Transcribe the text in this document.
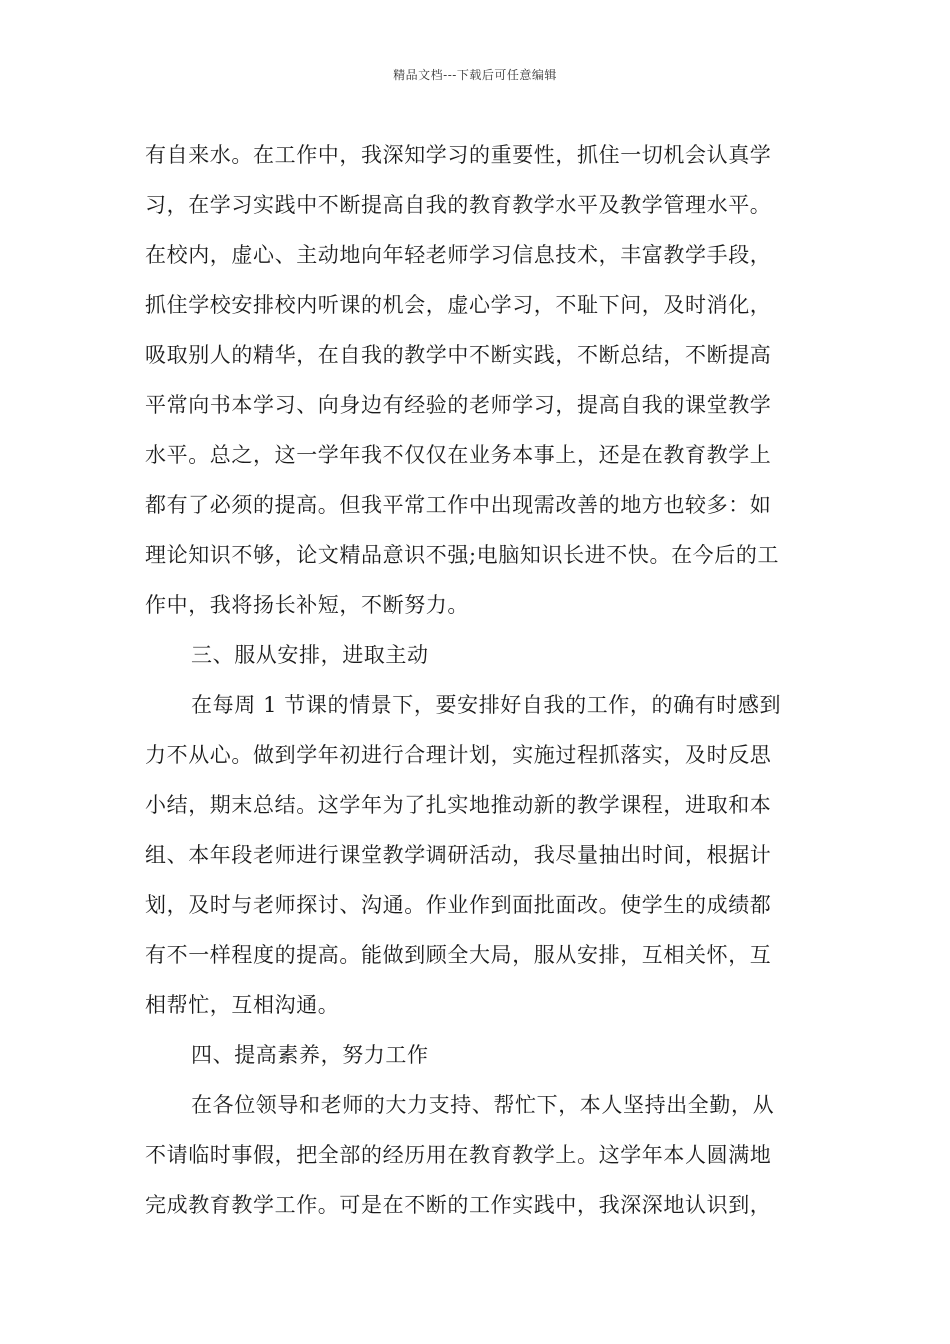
精品文档---下载后可任意编辑
有自来水。在工作中，我深知学习的重要性，抓住一切机会认真学
习，在学习实践中不断提高自我的教育教学水平及教学管理水平。
在校内，虚心、主动地向年轻老师学习信息技术，丰富教学手段，
抓住学校安排校内听课的机会，虚心学习，不耻下问，及时消化，
吸取别人的精华，在自我的教学中不断实践，不断总结，不断提高
平常向书本学习、向身边有经验的老师学习，提高自我的课堂教学
水平。总之，这一学年我不仅仅在业务本事上，还是在教育教学上
都有了必须的提高。但我平常工作中出现需改善的地方也较多：如
理论知识不够，论文精品意识不强;电脑知识长进不快。在今后的工
作中，我将扬长补短，不断努力。
三、服从安排，进取主动
在每周 1 节课的情景下，要安排好自我的工作，的确有时感到
力不从心。做到学年初进行合理计划，实施过程抓落实，及时反思
小结，期末总结。这学年为了扎实地推动新的教学课程，进取和本
组、本年段老师进行课堂教学调研活动，我尽量抽出时间，根据计
划，及时与老师探讨、沟通。作业作到面批面改。使学生的成绩都
有不一样程度的提高。能做到顾全大局，服从安排，互相关怀，互
相帮忙，互相沟通。
四、提高素养，努力工作
在各位领导和老师的大力支持、帮忙下，本人坚持出全勤，从
不请临时事假，把全部的经历用在教育教学上。这学年本人圆满地
完成教育教学工作。可是在不断的工作实践中，我深深地认识到，
